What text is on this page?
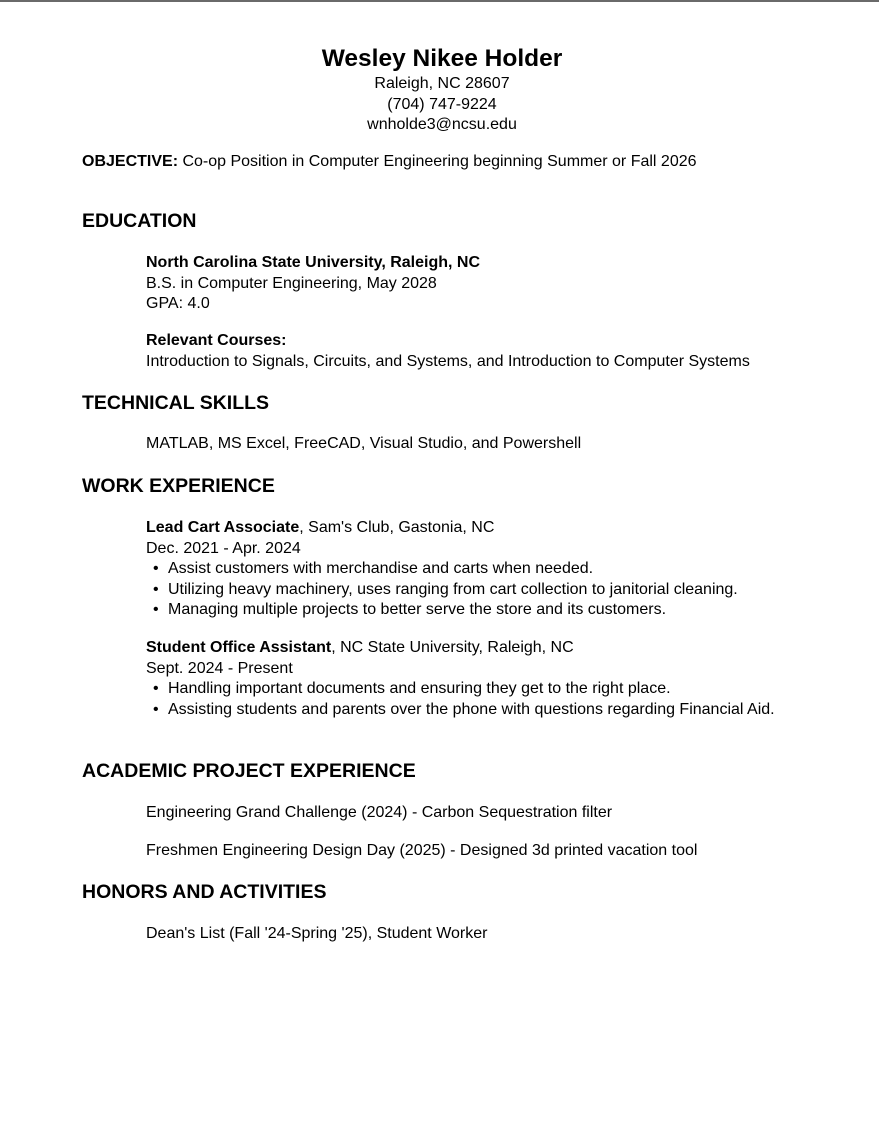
Wesley Nikee Holder
Raleigh, NC 28607
(704) 747-9224
wnholde3@ncsu.edu
OBJECTIVE: Co-op Position in Computer Engineering beginning Summer or Fall 2026
EDUCATION
North Carolina State University, Raleigh, NC
B.S. in Computer Engineering, May 2028
GPA: 4.0
Relevant Courses:
Introduction to Signals, Circuits, and Systems, and Introduction to Computer Systems
TECHNICAL SKILLS
MATLAB, MS Excel, FreeCAD, Visual Studio, and Powershell
WORK EXPERIENCE
Lead Cart Associate, Sam's Club, Gastonia, NC
Dec. 2021 - Apr. 2024
• Assist customers with merchandise and carts when needed.
• Utilizing heavy machinery, uses ranging from cart collection to janitorial cleaning.
• Managing multiple projects to better serve the store and its customers.
Student Office Assistant, NC State University, Raleigh, NC
Sept. 2024 - Present
• Handling important documents and ensuring they get to the right place.
• Assisting students and parents over the phone with questions regarding Financial Aid.
ACADEMIC PROJECT EXPERIENCE
Engineering Grand Challenge (2024) - Carbon Sequestration filter
Freshmen Engineering Design Day (2025) - Designed 3d printed vacation tool
HONORS AND ACTIVITIES
Dean's List (Fall '24-Spring '25), Student Worker
